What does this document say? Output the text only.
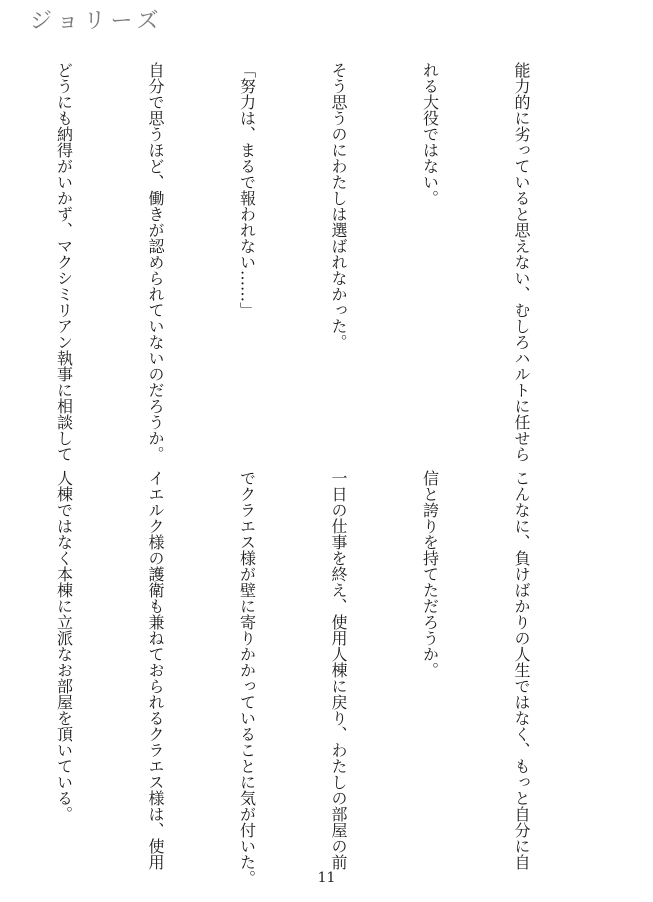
ジョリーズ

能力的に劣っていると思えない、むしろハルトに任せら

れる大役ではない。

そう思うのにわたしは選ばれなかった。

「努力は、まるで報われない……」

自分で思うほど、働きが認められていないのだろうか。

どうにも納得がいかず、マクシミリアン執事に相談して

こんなに、負けばかりの人生ではなく、もっと自分に自

信と誇りを持てただろうか。

一日の仕事を終え、使用人棟に戻り、わたしの部屋の前

でクラエス様が壁に寄りかかっていることに気が付いた。

イエルク様の護衛も兼ねておられるクラエス様は、使用

人棟ではなく本棟に立派なお部屋を頂いている。

11
